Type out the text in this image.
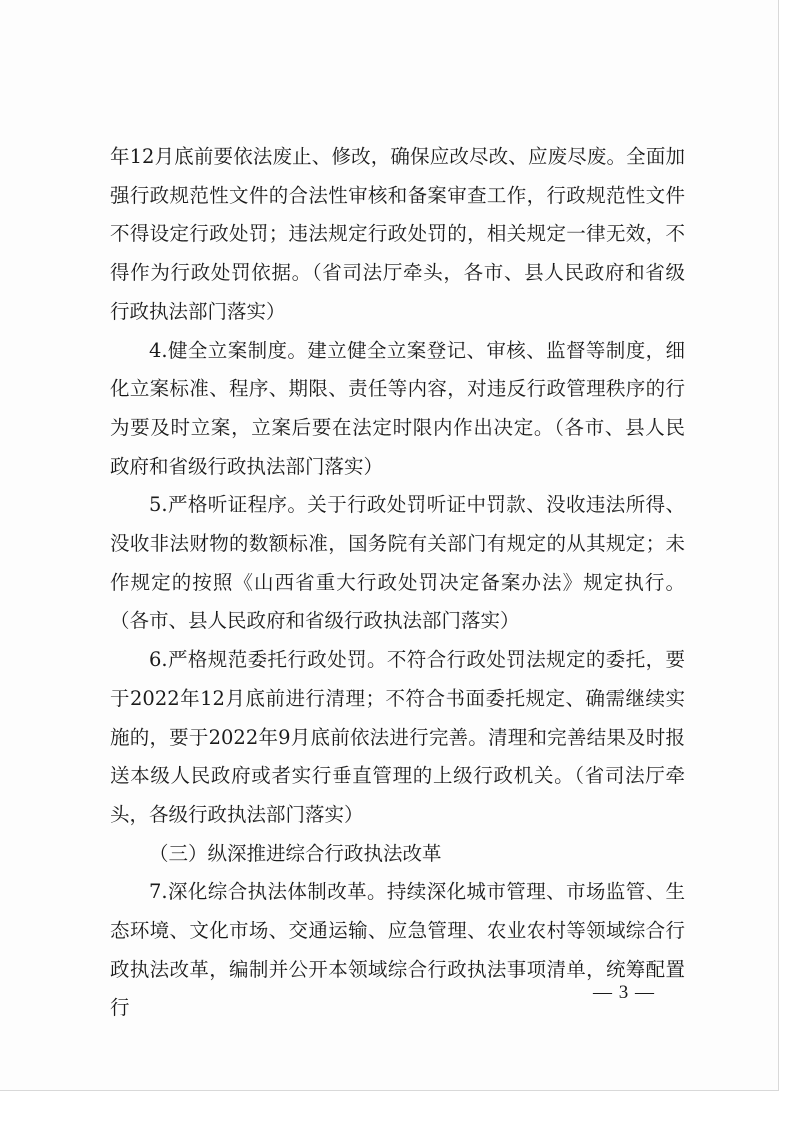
年12月底前要依法废止、修改，确保应改尽改、应废尽废。全面加强行政规范性文件的合法性审核和备案审查工作，行政规范性文件不得设定行政处罚；违法规定行政处罚的，相关规定一律无效，不得作为行政处罚依据。（省司法厅牵头，各市、县人民政府和省级行政执法部门落实）

4.健全立案制度。建立健全立案登记、审核、监督等制度，细化立案标准、程序、期限、责任等内容，对违反行政管理秩序的行为要及时立案，立案后要在法定时限内作出决定。（各市、县人民政府和省级行政执法部门落实）

5.严格听证程序。关于行政处罚听证中罚款、没收违法所得、没收非法财物的数额标准，国务院有关部门有规定的从其规定；未作规定的按照《山西省重大行政处罚决定备案办法》规定执行。（各市、县人民政府和省级行政执法部门落实）

6.严格规范委托行政处罚。不符合行政处罚法规定的委托，要于2022年12月底前进行清理；不符合书面委托规定、确需继续实施的，要于2022年9月底前依法进行完善。清理和完善结果及时报送本级人民政府或者实行垂直管理的上级行政机关。（省司法厅牵头，各级行政执法部门落实）

（三）纵深推进综合行政执法改革

7.深化综合执法体制改革。持续深化城市管理、市场监管、生态环境、文化市场、交通运输、应急管理、农业农村等领域综合行政执法改革，编制并公开本领域综合行政执法事项清单，统筹配置行

— 3 —
